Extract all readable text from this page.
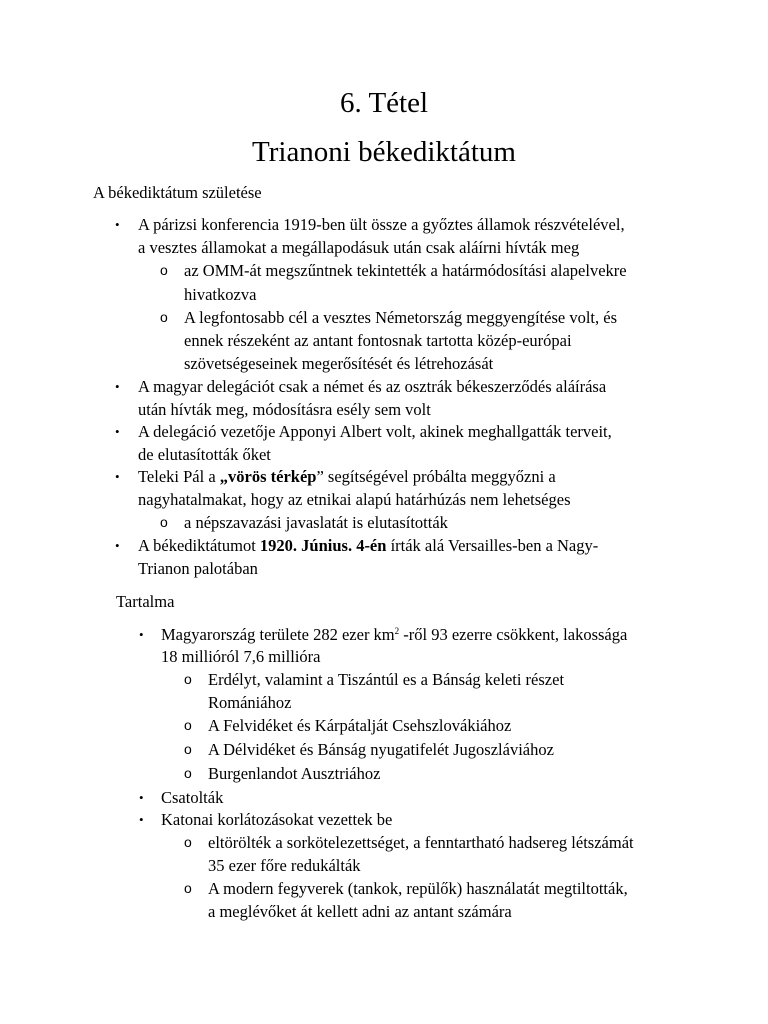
6. Tétel
Trianoni békediktátum
A békediktátum születése
• A párizsi konferencia 1919-ben ült össze a győztes államok részvételével,
a vesztes államokat a megállapodásuk után csak aláírni hívták meg
o az OMM-át megszűntnek tekintették a határmódosítási alapelvekre
hivatkozva
o A legfontosabb cél a vesztes Németország meggyengítése volt, és
ennek részeként az antant fontosnak tartotta közép-európai
szövetségeseinek megerősítését és létrehozását
• A magyar delegációt csak a német és az osztrák békeszerződés aláírása
után hívták meg, módosításra esély sem volt
• A delegáció vezetője Apponyi Albert volt, akinek meghallgatták terveit,
de elutasították őket
• Teleki Pál a „vörös térkép” segítségével próbálta meggyőzni a
nagyhatalmakat, hogy az etnikai alapú határhúzás nem lehetséges
o a népszavazási javaslatát is elutasították
• A békediktátumot 1920. Június. 4-én írták alá Versailles-ben a Nagy-
Trianon palotában
Tartalma
• Magyarország területe 282 ezer $km^2$ -ről 93 ezerre csökkent, lakossága
18 millióról 7,6 millióra
o Erdélyt, valamint a Tiszántúl es a Bánság keleti részet
Romániához
o A Felvidéket és Kárpátalját Csehszlovákiához
o A Délvidéket és Bánság nyugatifelét Jugoszláviához
o Burgenlandot Ausztriához
• Csatolták
• Katonai korlátozásokat vezettek be
o eltörölték a sorkötelezettséget, a fenntartható hadsereg létszámát
35 ezer főre redukálták
o A modern fegyverek (tankok, repülők) használatát megtiltották,
a meglévőket át kellett adni az antant számára
